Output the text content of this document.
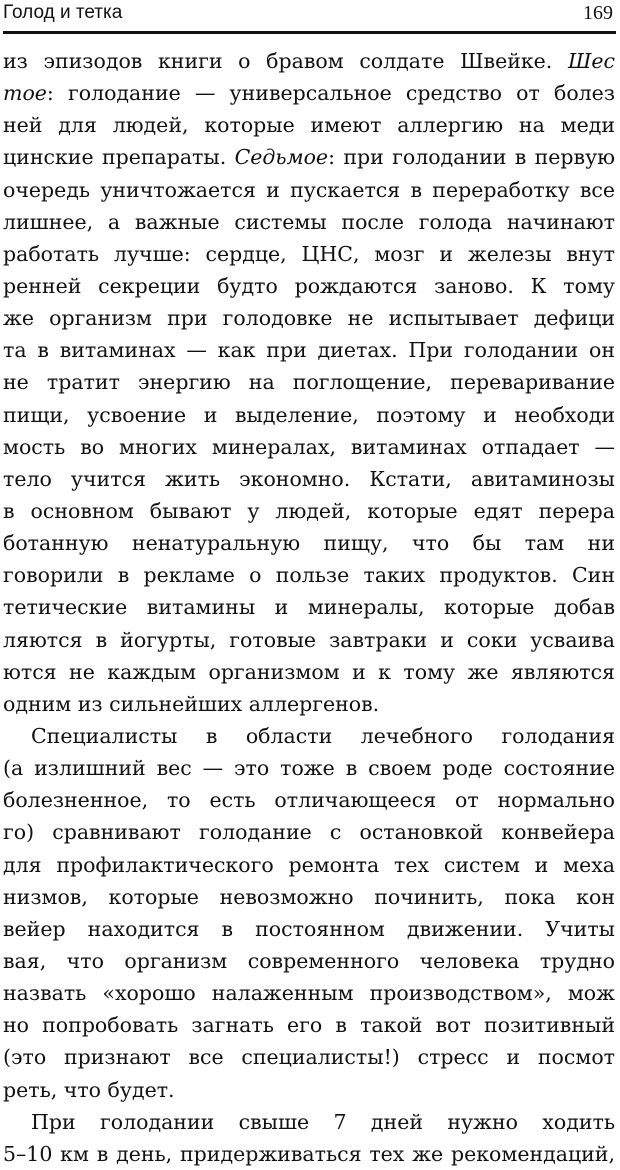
Голод и тетка	169
из эпизодов книги о бравом солдате Швейке. Шес
тое: голодание — универсальное средство от болез
ней для людей, которые имеют аллергию на меди
цинские препараты. Седьмое: при голодании в первую
очередь уничтожается и пускается в переработку все
лишнее, а важные системы после голода начинают
работать лучше: сердце, ЦНС, мозг и железы внут
ренней секреции будто рождаются заново. К тому
же организм при голодовке не испытывает дефици
та в витаминах — как при диетах. При голодании он
не тратит энергию на поглощение, переваривание
пищи, усвоение и выделение, поэтому и необходи
мость во многих минералах, витаминах отпадает —
тело учится жить экономно. Кстати, авитаминозы
в основном бывают у людей, которые едят перера
ботанную ненатуральную пищу, что бы там ни
говорили в рекламе о пользе таких продуктов. Син
тетические витамины и минералы, которые добав
ляются в йогурты, готовые завтраки и соки усваива
ются не каждым организмом и к тому же являются
одним из сильнейших аллергенов.
Специалисты в области лечебного голодания
(а излишний вес — это тоже в своем роде состояние
болезненное, то есть отличающееся от нормально
го) сравнивают голодание с остановкой конвейера
для профилактического ремонта тех систем и меха
низмов, которые невозможно починить, пока кон
вейер находится в постоянном движении. Учиты
вая, что организм современного человека трудно
назвать «хорошо налаженным производством», мож
но попробовать загнать его в такой вот позитивный
(это признают все специалисты!) стресс и посмот
реть, что будет.
При голодании свыше 7 дней нужно ходить
5–10 км в день, придерживаться тех же рекомендаций,
